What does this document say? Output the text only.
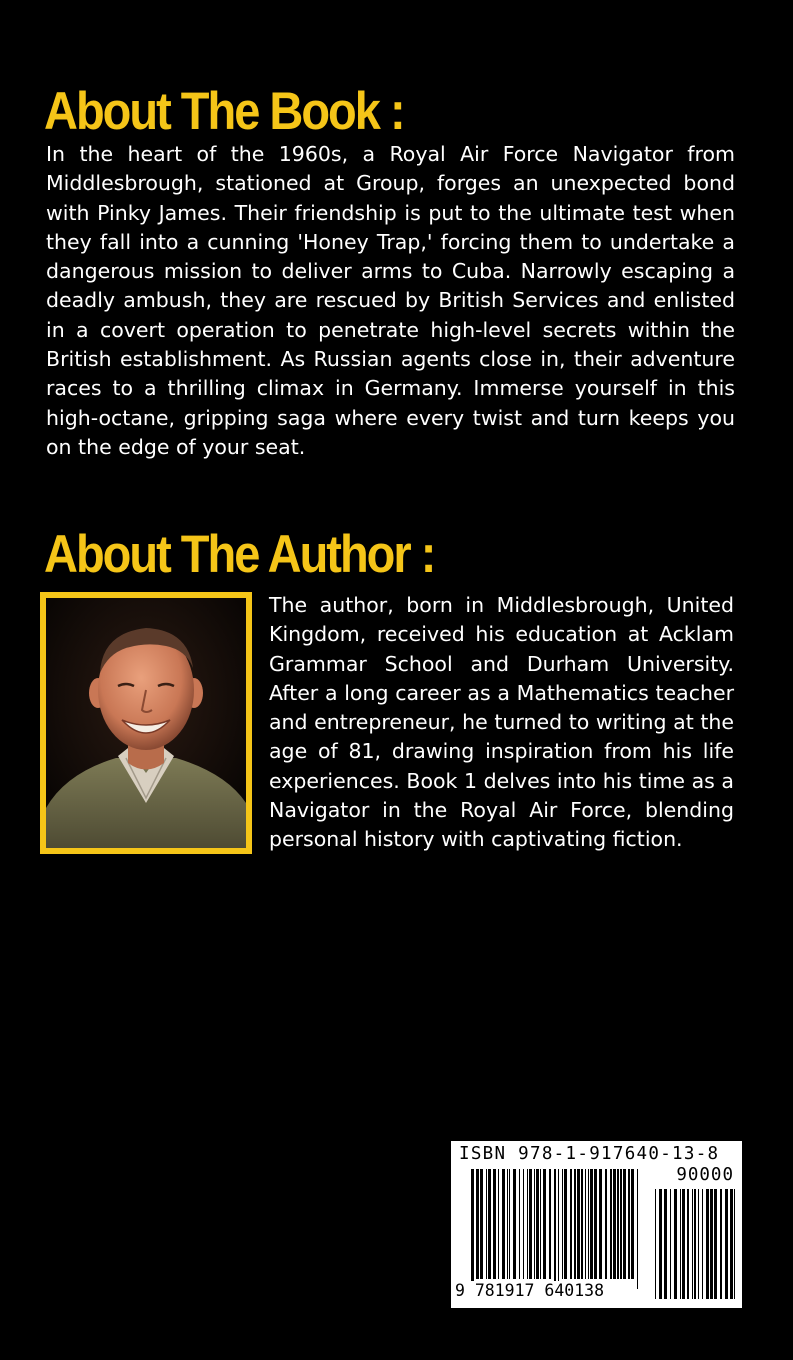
About The Book :

In the heart of the 1960s, a Royal Air Force Navigator from Middlesbrough, stationed at Group, forges an unexpected bond with Pinky James. Their friendship is put to the ultimate test when they fall into a cunning 'Honey Trap,' forcing them to undertake a dangerous mission to deliver arms to Cuba. Narrowly escaping a deadly ambush, they are rescued by British Services and enlisted in a covert operation to penetrate high-level secrets within the British establishment. As Russian agents close in, their adventure races to a thrilling climax in Germany. Immerse yourself in this high-octane, gripping saga where every twist and turn keeps you on the edge of your seat.

About The Author :

The author, born in Middlesbrough, United Kingdom, received his education at Acklam Grammar School and Durham University. After a long career as a Mathematics teacher and entrepreneur, he turned to writing at the age of 81, drawing inspiration from his life experiences. Book 1 delves into his time as a Navigator in the Royal Air Force, blending personal history with captivating fiction.

ISBN 978-1-917640-13-8
90000
9 781917 640138
